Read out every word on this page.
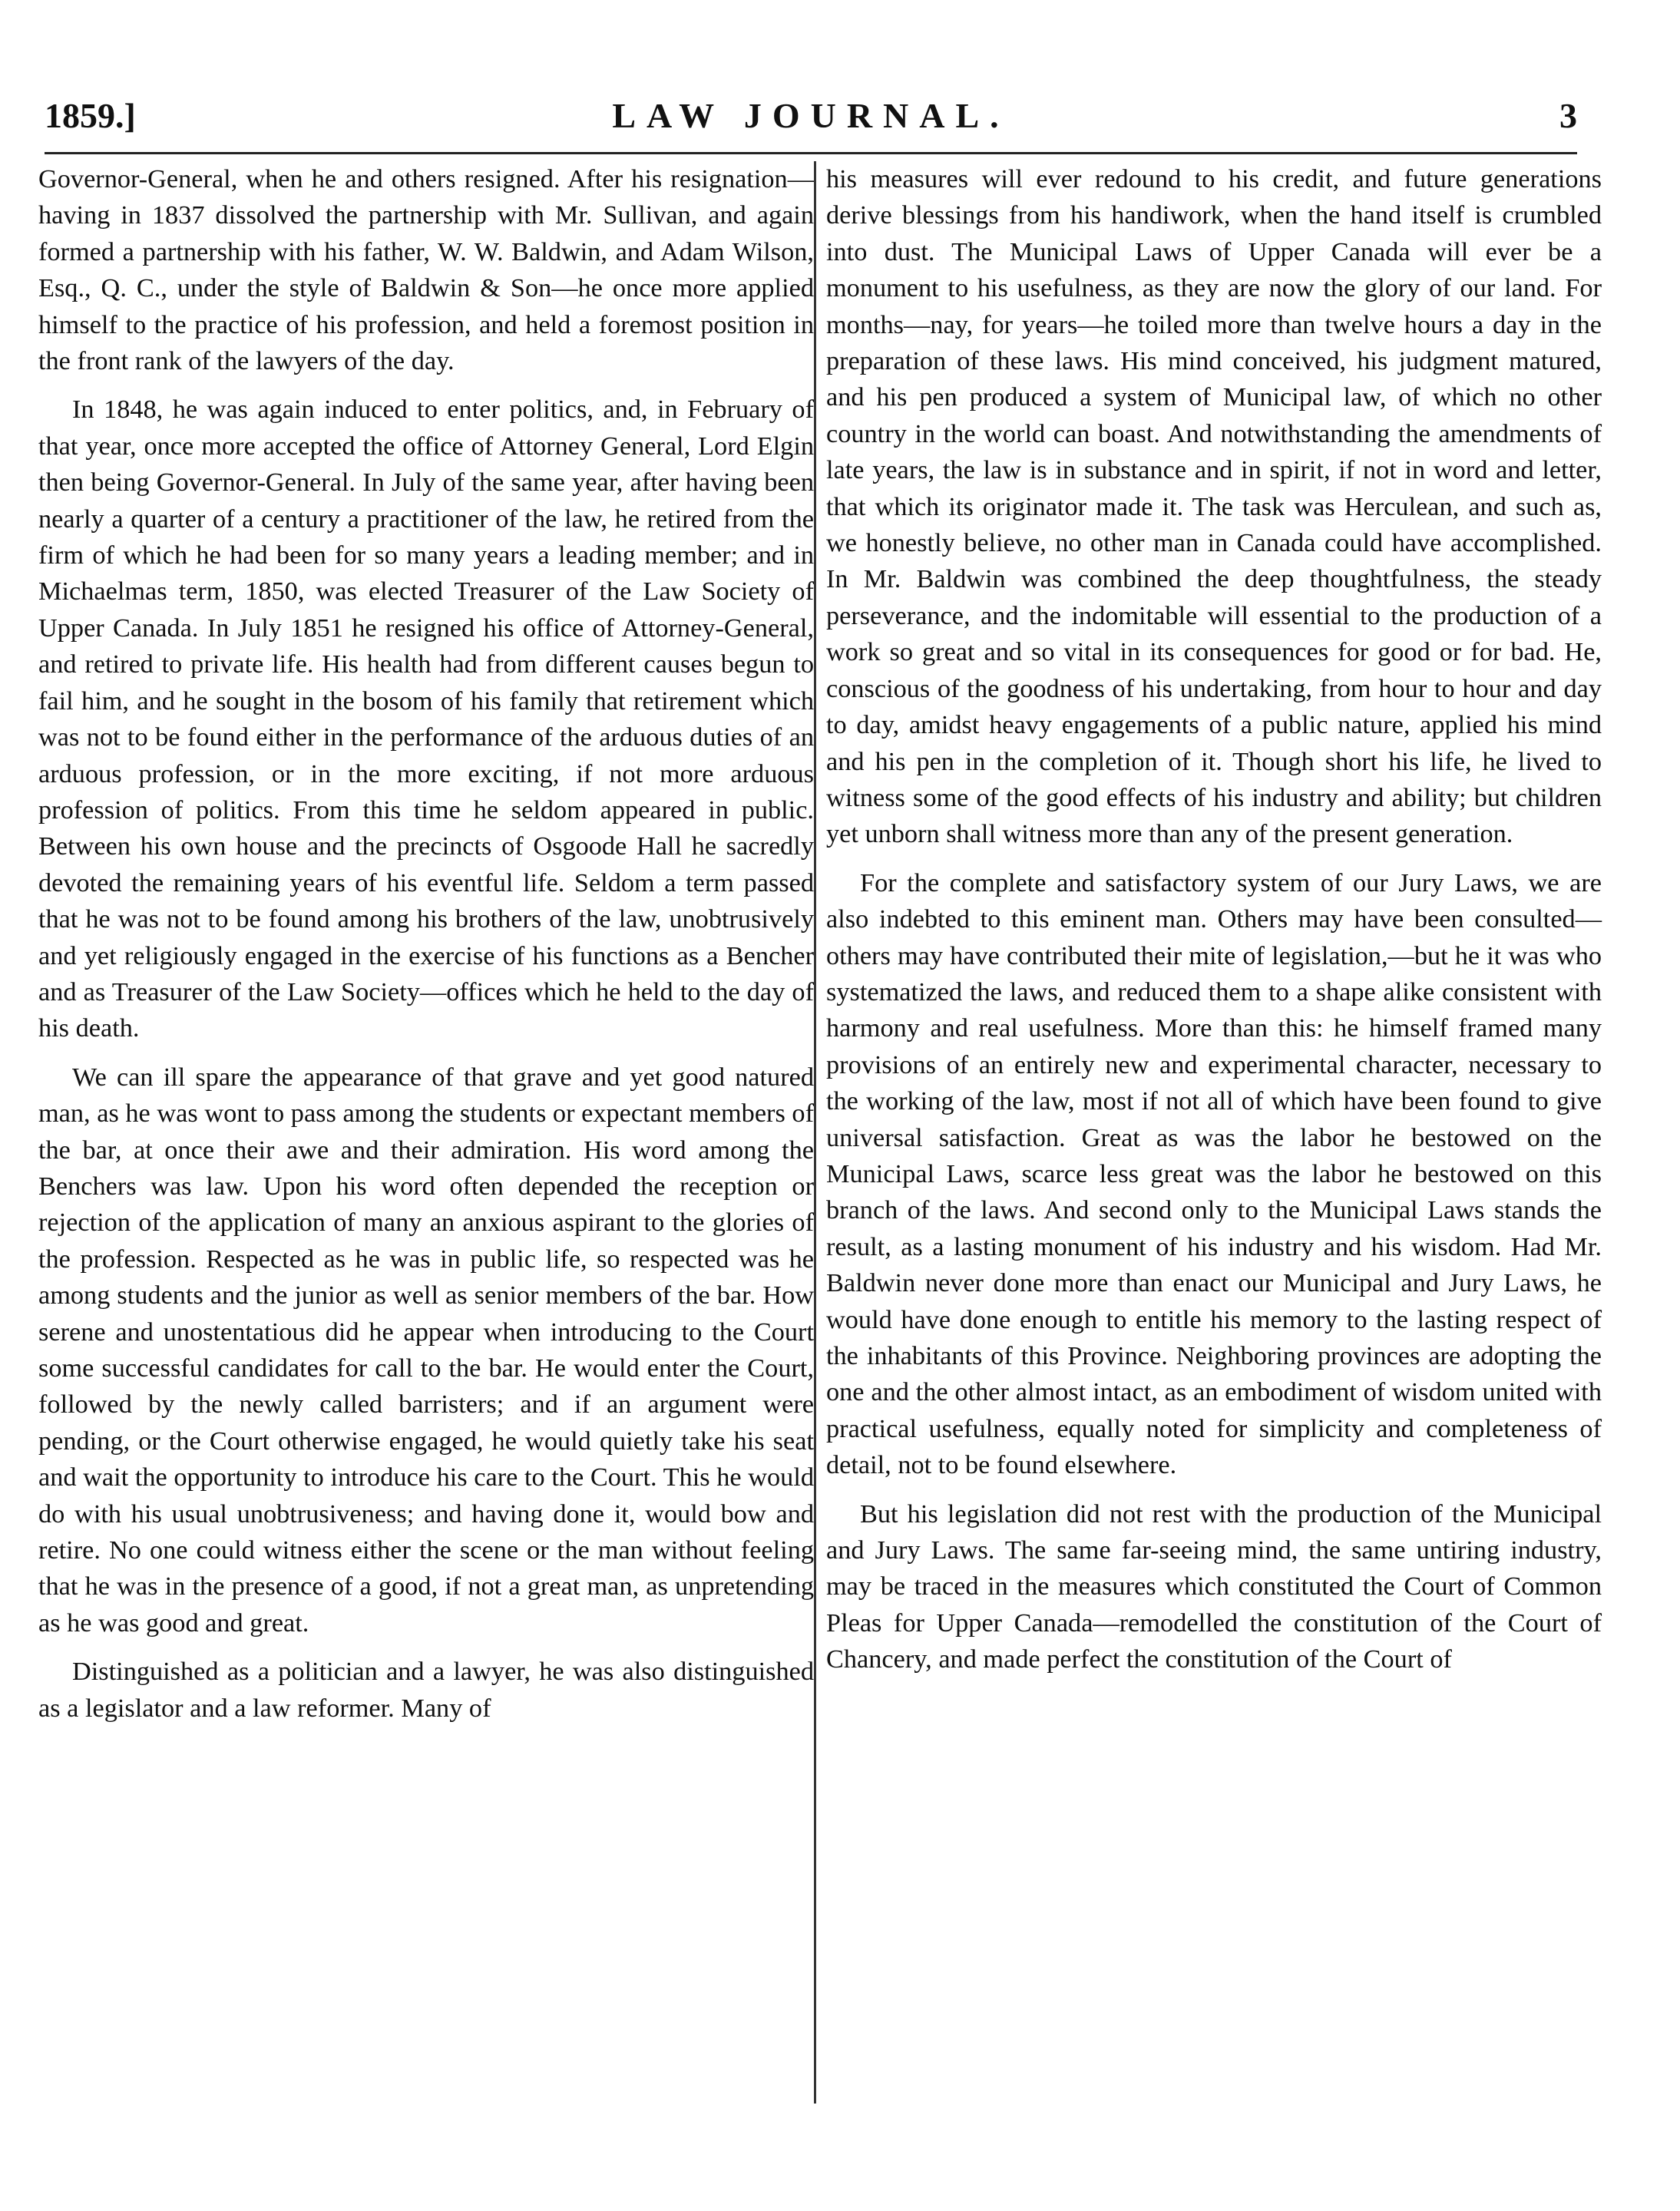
1859.]	LAW JOURNAL.	3

Governor-General, when he and others resigned. After his resignation—having in 1837 dissolved the partnership with Mr. Sullivan, and again formed a partnership with his father, W. W. Baldwin, and Adam Wilson, Esq., Q. C., under the style of Baldwin & Son—he once more applied himself to the practice of his profession, and held a foremost position in the front rank of the lawyers of the day.

In 1848, he was again induced to enter politics, and, in February of that year, once more accepted the office of Attorney General, Lord Elgin then being Governor-General. In July of the same year, after having been nearly a quarter of a century a practitioner of the law, he retired from the firm of which he had been for so many years a leading member; and in Michaelmas term, 1850, was elected Treasurer of the Law Society of Upper Canada. In July 1851 he resigned his office of Attorney-General, and retired to private life. His health had from different causes begun to fail him, and he sought in the bosom of his family that retirement which was not to be found either in the performance of the arduous duties of an arduous profession, or in the more exciting, if not more arduous profession of politics. From this time he seldom appeared in public. Between his own house and the precincts of Osgoode Hall he sacredly devoted the remaining years of his eventful life. Seldom a term passed that he was not to be found among his brothers of the law, unobtrusively and yet religiously engaged in the exercise of his functions as a Bencher and as Treasurer of the Law Society—offices which he held to the day of his death.

We can ill spare the appearance of that grave and yet good natured man, as he was wont to pass among the students or expectant members of the bar, at once their awe and their admiration. His word among the Benchers was law. Upon his word often depended the reception or rejection of the application of many an anxious aspirant to the glories of the profession. Respected as he was in public life, so respected was he among students and the junior as well as senior members of the bar. How serene and unostentatious did he appear when introducing to the Court some successful candidates for call to the bar. He would enter the Court, followed by the newly called barristers; and if an argument were pending, or the Court otherwise engaged, he would quietly take his seat and wait the opportunity to introduce his care to the Court. This he would do with his usual unobtrusiveness; and having done it, would bow and retire. No one could witness either the scene or the man without feeling that he was in the presence of a good, if not a great man, as unpretending as he was good and great.

Distinguished as a politician and a lawyer, he was also distinguished as a legislator and a law reformer. Many of

his measures will ever redound to his credit, and future generations derive blessings from his handiwork, when the hand itself is crumbled into dust. The Municipal Laws of Upper Canada will ever be a monument to his usefulness, as they are now the glory of our land. For months—nay, for years—he toiled more than twelve hours a day in the preparation of these laws. His mind conceived, his judgment matured, and his pen produced a system of Municipal law, of which no other country in the world can boast. And notwithstanding the amendments of late years, the law is in substance and in spirit, if not in word and letter, that which its originator made it. The task was Herculean, and such as, we honestly believe, no other man in Canada could have accomplished. In Mr. Baldwin was combined the deep thoughtfulness, the steady perseverance, and the indomitable will essential to the production of a work so great and so vital in its consequences for good or for bad. He, conscious of the goodness of his undertaking, from hour to hour and day to day, amidst heavy engagements of a public nature, applied his mind and his pen in the completion of it. Though short his life, he lived to witness some of the good effects of his industry and ability; but children yet unborn shall witness more than any of the present generation.

For the complete and satisfactory system of our Jury Laws, we are also indebted to this eminent man. Others may have been consulted—others may have contributed their mite of legislation,—but he it was who systematized the laws, and reduced them to a shape alike consistent with harmony and real usefulness. More than this: he himself framed many provisions of an entirely new and experimental character, necessary to the working of the law, most if not all of which have been found to give universal satisfaction. Great as was the labor he bestowed on the Municipal Laws, scarce less great was the labor he bestowed on this branch of the laws. And second only to the Municipal Laws stands the result, as a lasting monument of his industry and his wisdom. Had Mr. Baldwin never done more than enact our Municipal and Jury Laws, he would have done enough to entitle his memory to the lasting respect of the inhabitants of this Province. Neighboring provinces are adopting the one and the other almost intact, as an embodiment of wisdom united with practical usefulness, equally noted for simplicity and completeness of detail, not to be found elsewhere.

But his legislation did not rest with the production of the Municipal and Jury Laws. The same far-seeing mind, the same untiring industry, may be traced in the measures which constituted the Court of Common Pleas for Upper Canada—remodelled the constitution of the Court of Chancery, and made perfect the constitution of the Court of
